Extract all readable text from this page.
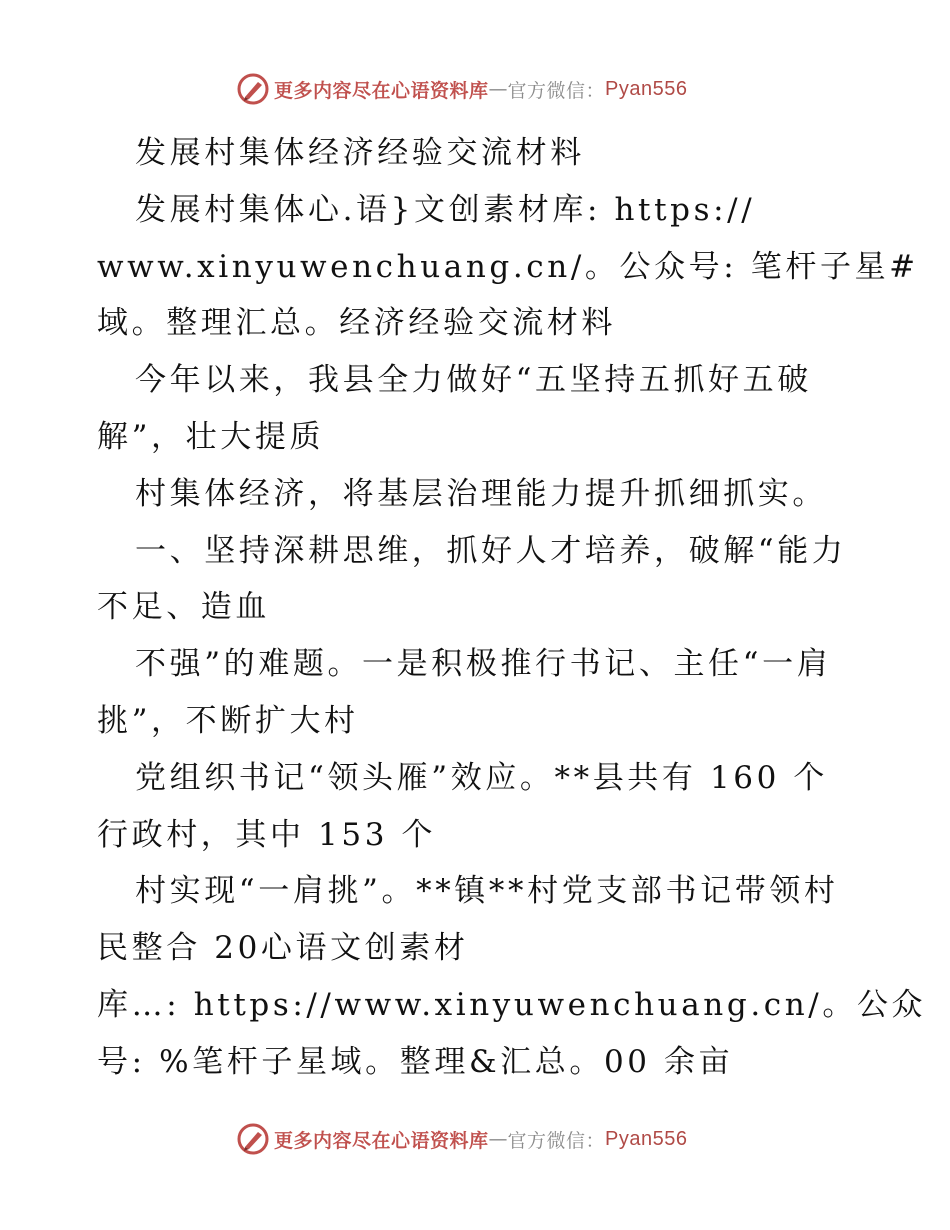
更多内容尽在心语资料库 — 官方微信： Pyan556
发展村集体经济经验交流材料
发展村集体心.语}文创素材库: https://
www.xinyuwenchuang.cn/。公众号: 笔杆子星#
域。整理汇总。经济经验交流材料
今年以来，我县全力做好“五坚持五抓好五破
解”，壮大提质
村集体经济，将基层治理能力提升抓细抓实。
一、坚持深耕思维，抓好人才培养，破解“能力
不足、造血
不强”的难题。一是积极推行书记、主任“一肩
挑”，不断扩大村
党组织书记“领头雁”效应。**县共有 160 个
行政村，其中 153 个
村实现“一肩挑”。**镇**村党支部书记带领村
民整合 20心语文创素材
库…: https://www.xinyuwenchuang.cn/。公众
号: %笔杆子星域。整理&汇总。00 余亩
更多内容尽在心语资料库 — 官方微信： Pyan556
